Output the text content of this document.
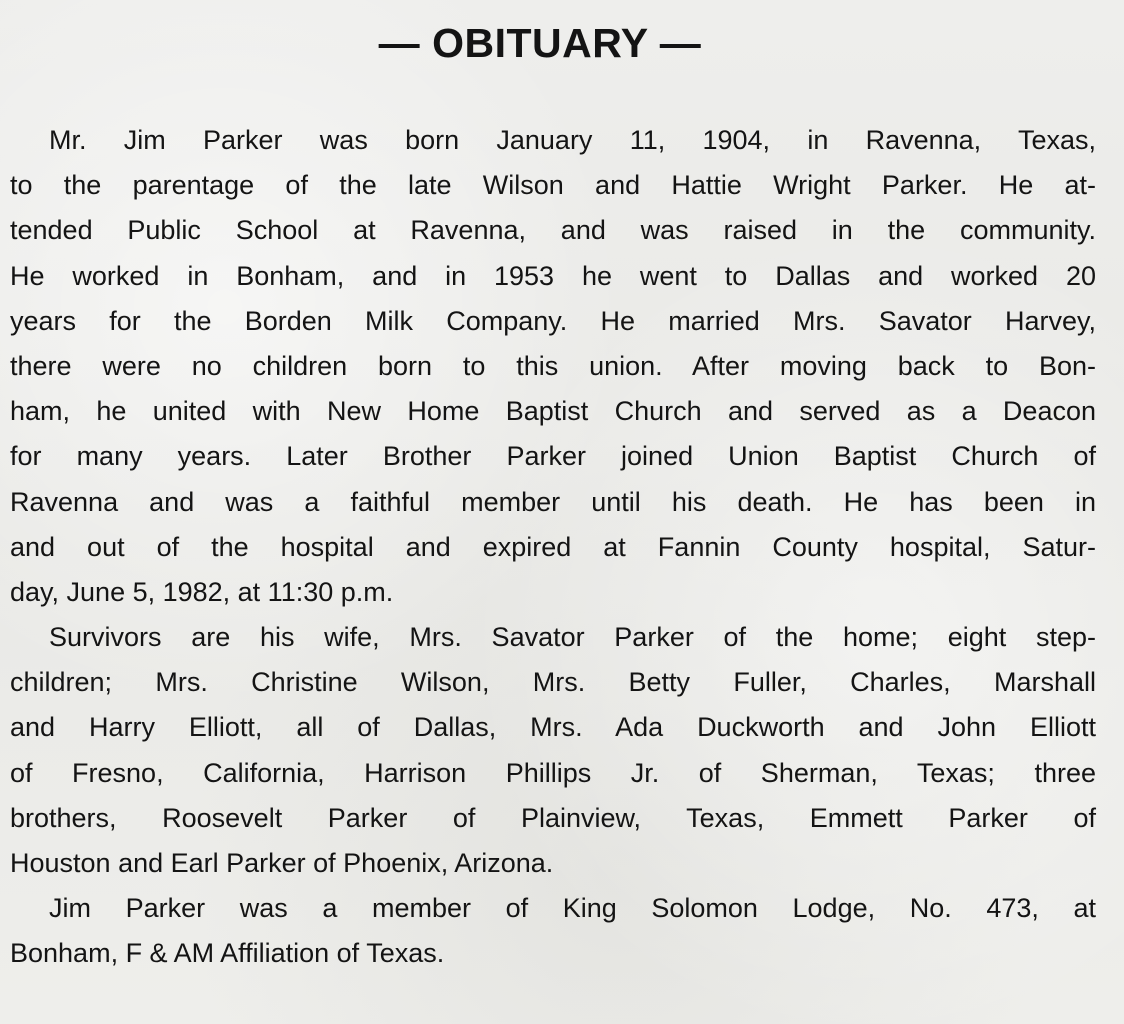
— OBITUARY —
Mr. Jim Parker was born January 11, 1904, in Ravenna, Texas,
to the parentage of the late Wilson and Hattie Wright Parker. He at-
tended Public School at Ravenna, and was raised in the community.
He worked in Bonham, and in 1953 he went to Dallas and worked 20
years for the Borden Milk Company. He married Mrs. Savator Harvey,
there were no children born to this union. After moving back to Bon-
ham, he united with New Home Baptist Church and served as a Deacon
for many years. Later Brother Parker joined Union Baptist Church of
Ravenna and was a faithful member until his death. He has been in
and out of the hospital and expired at Fannin County hospital, Satur-
day, June 5, 1982, at 11:30 p.m.
Survivors are his wife, Mrs. Savator Parker of the home; eight step-
children; Mrs. Christine Wilson, Mrs. Betty Fuller, Charles, Marshall
and Harry Elliott, all of Dallas, Mrs. Ada Duckworth and John Elliott
of Fresno, California, Harrison Phillips Jr. of Sherman, Texas; three
brothers, Roosevelt Parker of Plainview, Texas, Emmett Parker of
Houston and Earl Parker of Phoenix, Arizona.
Jim Parker was a member of King Solomon Lodge, No. 473, at
Bonham, F & AM Affiliation of Texas.
